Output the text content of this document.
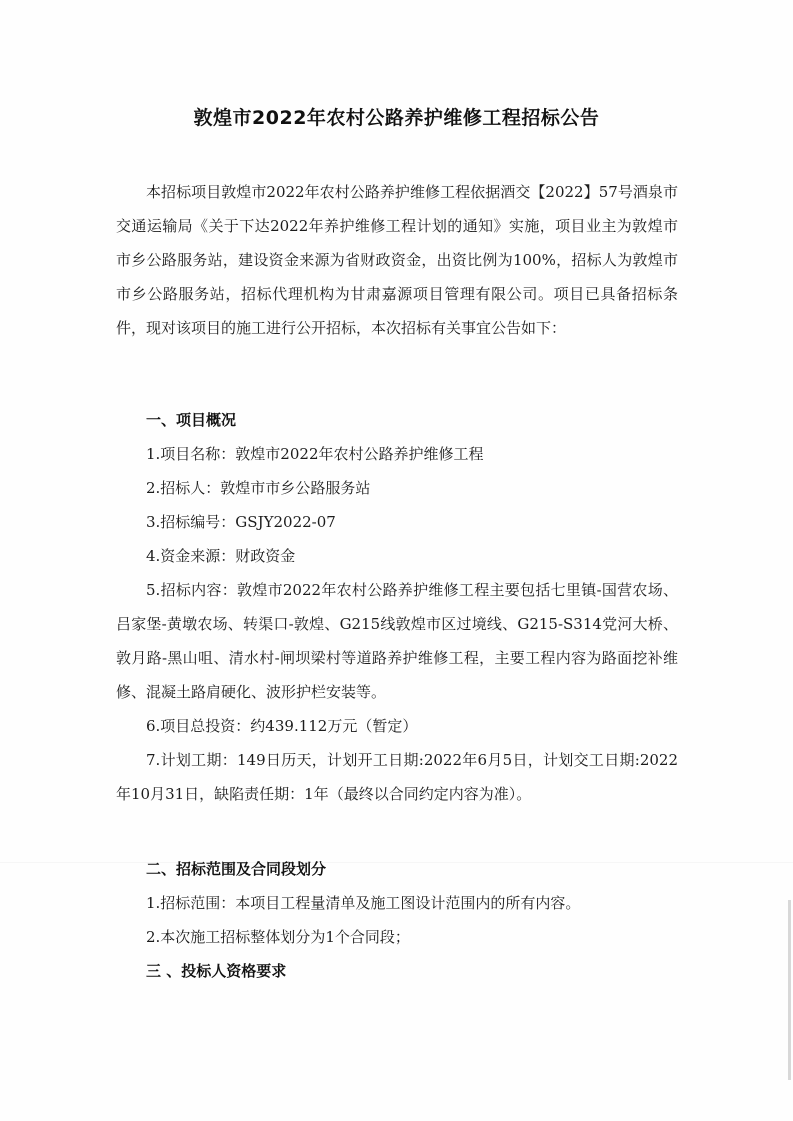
敦煌市2022年农村公路养护维修工程招标公告

本招标项目敦煌市2022年农村公路养护维修工程依据酒交【2022】57号酒泉市交通运输局《关于下达2022年养护维修工程计划的通知》实施，项目业主为敦煌市市乡公路服务站，建设资金来源为省财政资金，出资比例为100%，招标人为敦煌市市乡公路服务站，招标代理机构为甘肃嘉源项目管理有限公司。项目已具备招标条件，现对该项目的施工进行公开招标，本次招标有关事宜公告如下：

一、项目概况

1.项目名称：敦煌市2022年农村公路养护维修工程

2.招标人：敦煌市市乡公路服务站

3.招标编号：GSJY2022-07

4.资金来源：财政资金

5.招标内容：敦煌市2022年农村公路养护维修工程主要包括七里镇-国营农场、吕家堡-黄墩农场、转渠口-敦煌、G215线敦煌市区过境线、G215-S314党河大桥、敦月路-黑山咀、清水村-闸坝梁村等道路养护维修工程，主要工程内容为路面挖补维修、混凝土路肩硬化、波形护栏安装等。

6.项目总投资：约439.112万元（暂定）

7.计划工期：149日历天，计划开工日期:2022年6月5日，计划交工日期:2022年10月31日，缺陷责任期：1年（最终以合同约定内容为准）。

二、招标范围及合同段划分

1.招标范围：本项目工程量清单及施工图设计范围内的所有内容。

2.本次施工招标整体划分为1个合同段；

三 、投标人资格要求
